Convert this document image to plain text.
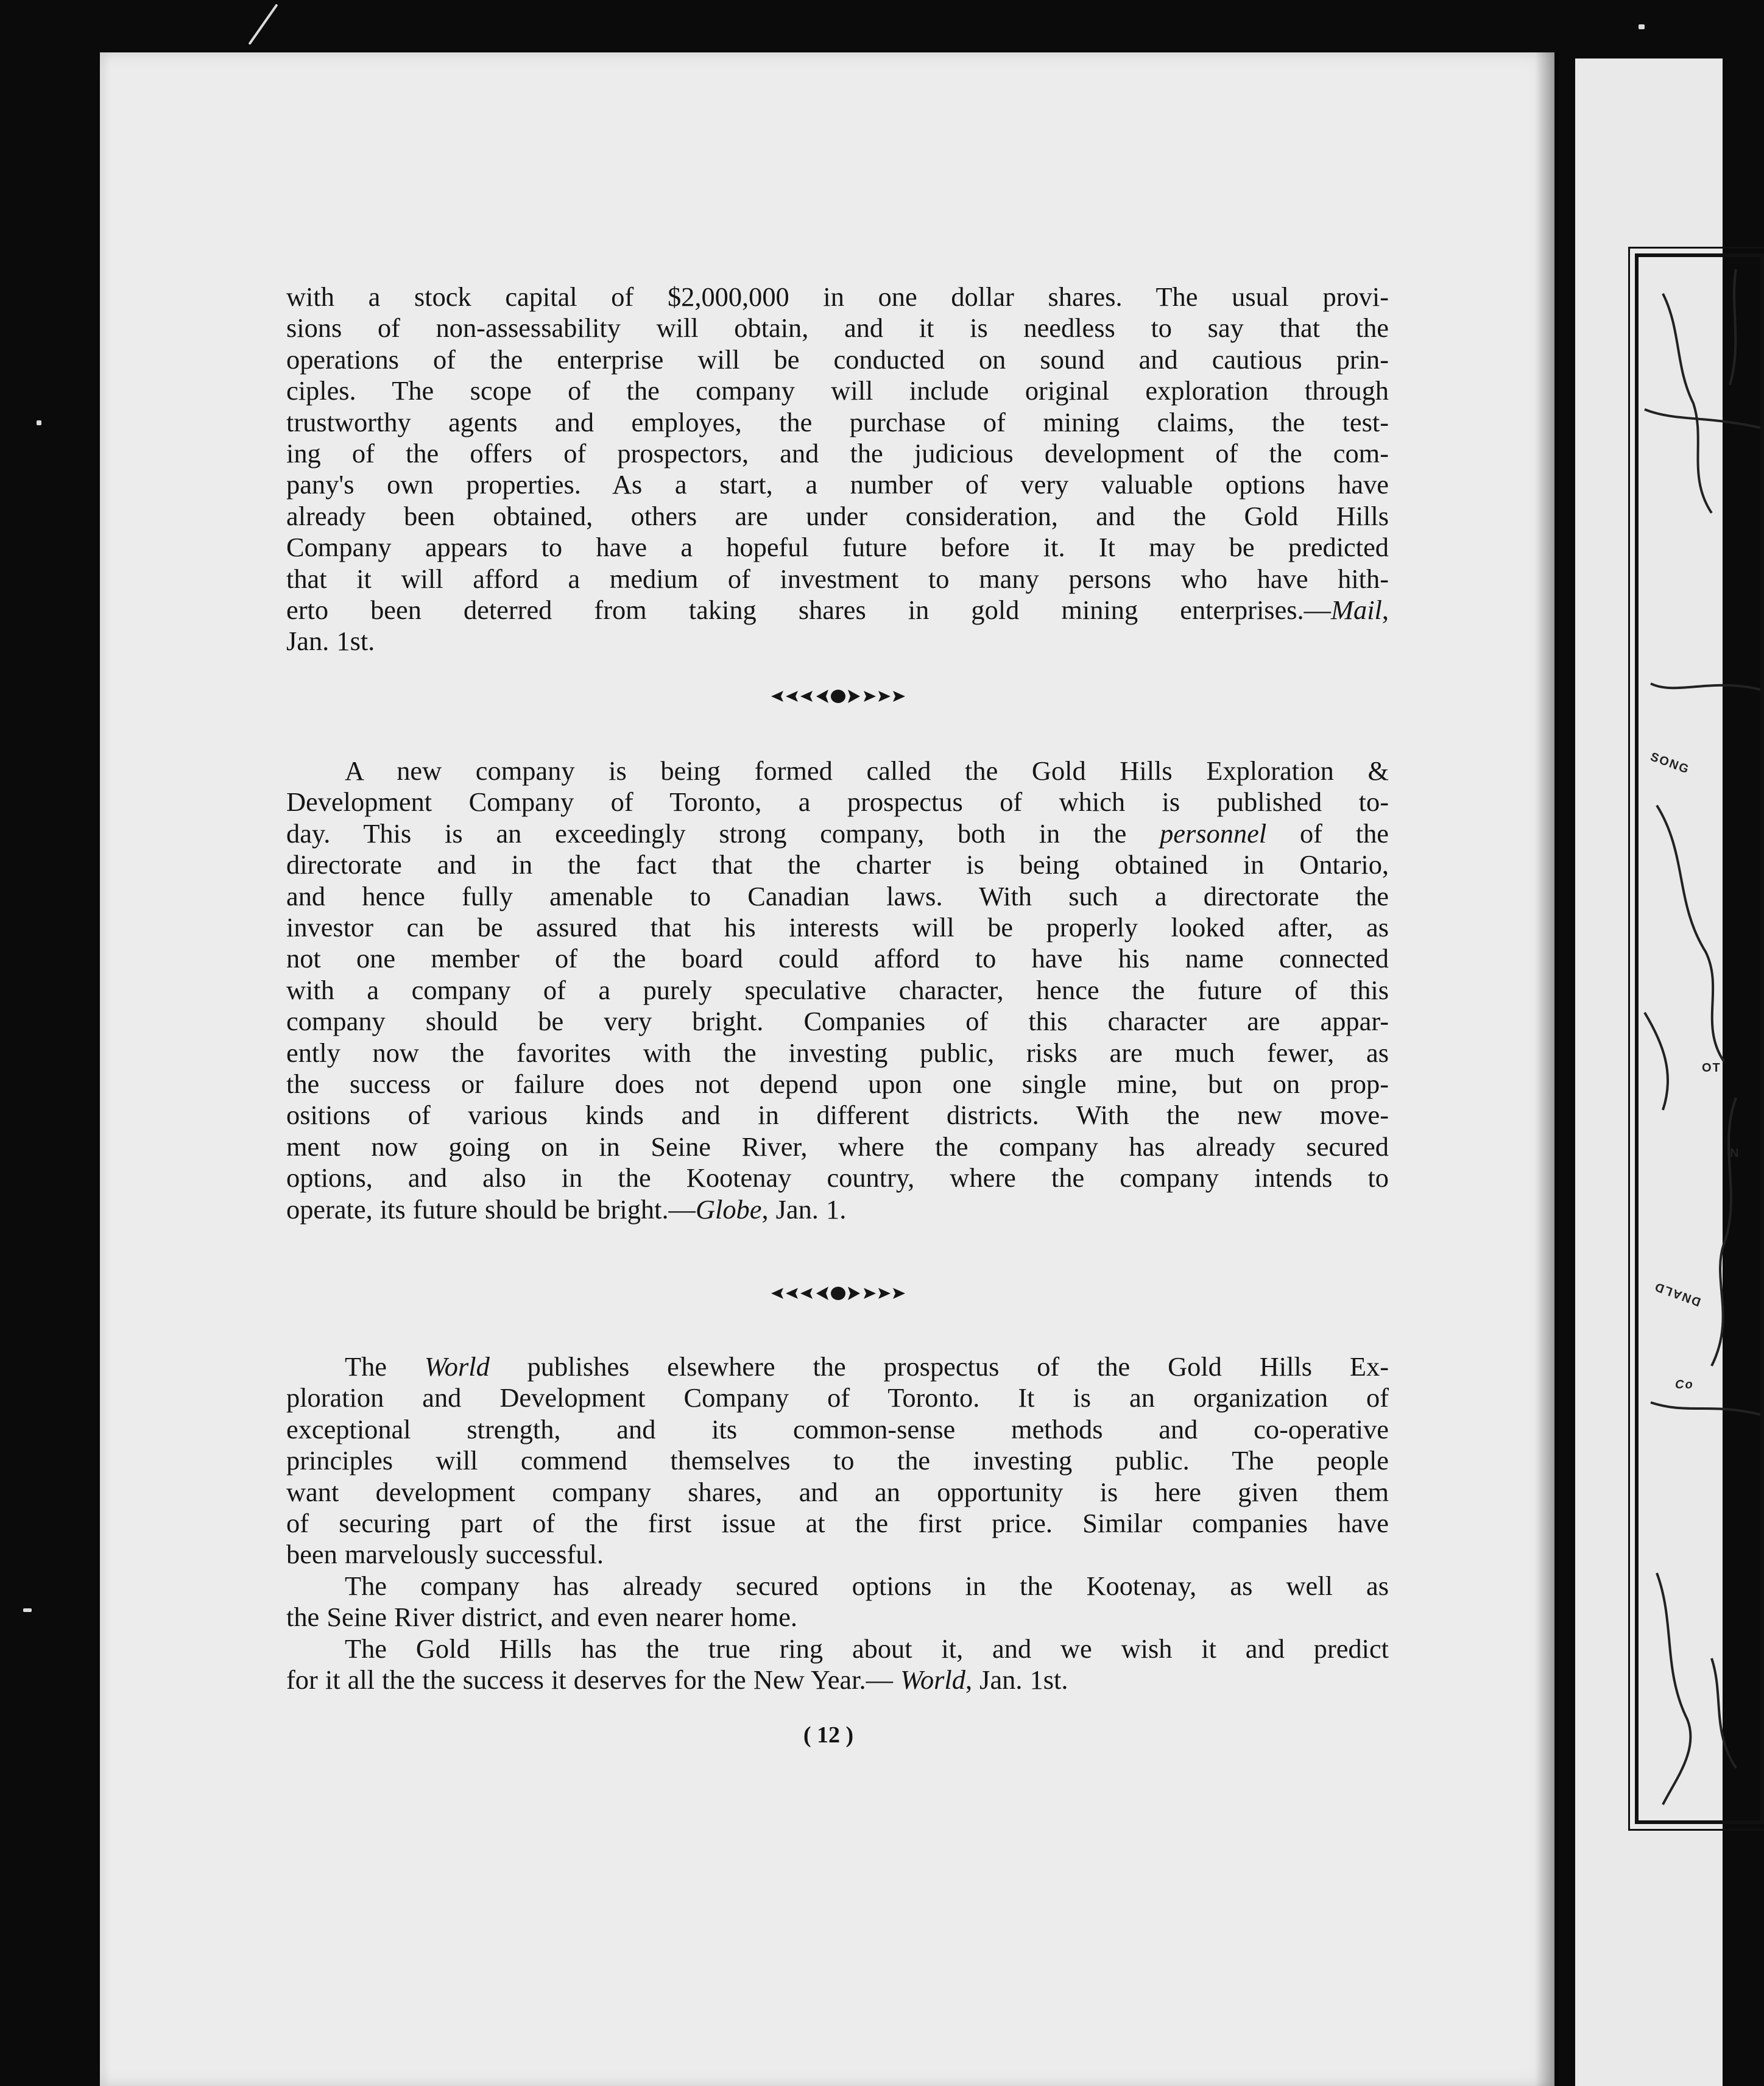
with a stock capital of $2,000,000 in one dollar shares. The usual provi-
sions of non-assessability will obtain, and it is needless to say that the
operations of the enterprise will be conducted on sound and cautious prin-
ciples. The scope of the company will include original exploration through
trustworthy agents and employes, the purchase of mining claims, the test-
ing of the offers of prospectors, and the judicious development of the com-
pany's own properties. As a start, a number of very valuable options have
already been obtained, others are under consideration, and the Gold Hills
Company appears to have a hopeful future before it. It may be predicted
that it will afford a medium of investment to many persons who have hith-
erto been deterred from taking shares in gold mining enterprises.—Mail,
Jan. 1st.
A new company is being formed called the Gold Hills Exploration &
Development Company of Toronto, a prospectus of which is published to-
day. This is an exceedingly strong company, both in the personnel of the
directorate and in the fact that the charter is being obtained in Ontario,
and hence fully amenable to Canadian laws. With such a directorate the
investor can be assured that his interests will be properly looked after, as
not one member of the board could afford to have his name connected
with a company of a purely speculative character, hence the future of this
company should be very bright. Companies of this character are appar-
ently now the favorites with the investing public, risks are much fewer, as
the success or failure does not depend upon one single mine, but on prop-
ositions of various kinds and in different districts. With the new move-
ment now going on in Seine River, where the company has already secured
options, and also in the Kootenay country, where the company intends to
operate, its future should be bright.—Globe, Jan. 1.
The World publishes elsewhere the prospectus of the Gold Hills Ex-
ploration and Development Company of Toronto. It is an organization of
exceptional strength, and its common-sense methods and co-operative
principles will commend themselves to the investing public. The people
want development company shares, and an opportunity is here given them
of securing part of the first issue at the first price. Similar companies have
been marvelously successful.
The company has already secured options in the Kootenay, as well as
the Seine River district, and even nearer home.
The Gold Hills has the true ring about it, and we wish it and predict
for it all the the success it deserves for the New Year.— World, Jan. 1st.
( 12 )
SONG
OT
N
DNALD
Co
